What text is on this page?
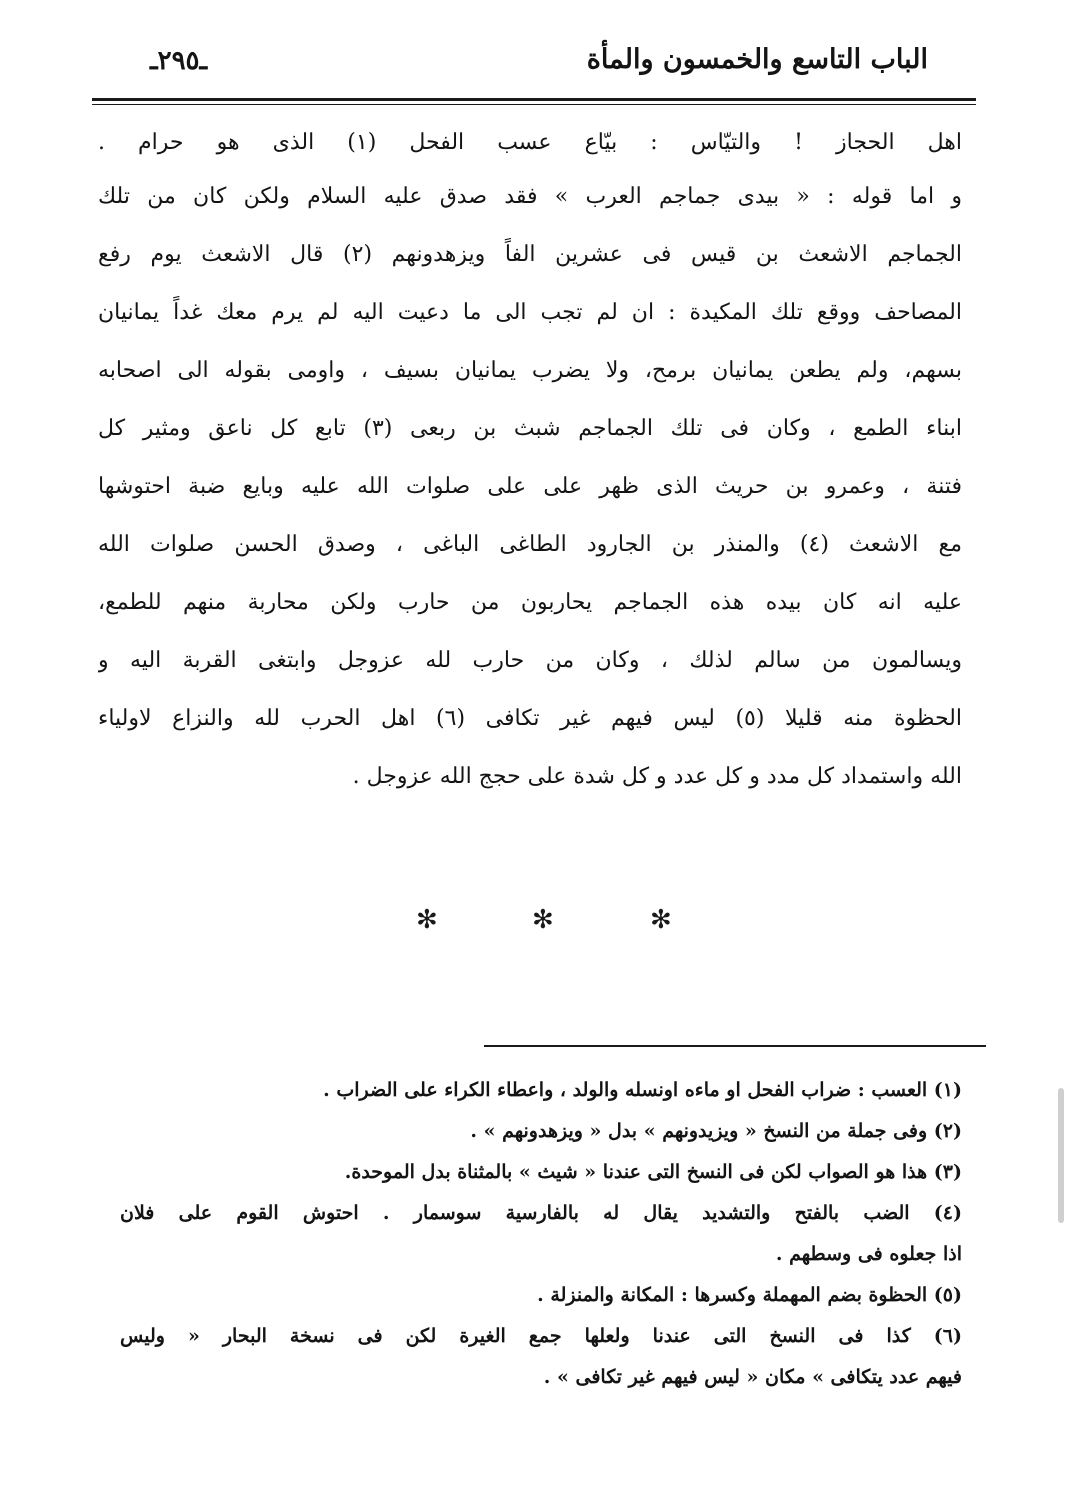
الباب التاسع والخمسون والمأة
ـ٢٩٥ـ
اهل الحجاز ! والتيّاس : بيّاع عسب الفحل (١) الذى هو حرام .
و اما قوله : « بيدى جماجم العرب » فقد صدق عليه السلام ولكن كان من تلك
الجماجم الاشعث بن قيس فى عشرين الفاً ويزهدونهم (٢) قال الاشعث يوم رفع
المصاحف ووقع تلك المكيدة : ان لم تجب الى ما دعيت اليه لم يرم معك غداً يمانيان
بسهم، ولم يطعن يمانيان برمح، ولا يضرب يمانيان بسيف ، واومى بقوله الى اصحابه
ابناء الطمع ، وكان فى تلك الجماجم شبث بن ربعى (٣) تابع كل ناعق ومثير كل
فتنة ، وعمرو بن حريث الذى ظهر على على صلوات الله عليه وبايع ضبة احتوشها
مع الاشعث (٤) والمنذر بن الجارود الطاغى الباغى ، وصدق الحسن صلوات الله
عليه انه كان بيده هذه الجماجم يحاربون من حارب ولكن محاربة منهم للطمع،
ويسالمون من سالم لذلك ، وكان من حارب لله عزوجل وابتغى القربة اليه و
الحظوة منه قليلا (٥) ليس فيهم غير تكافى (٦) اهل الحرب لله والنزاع لاولياء
الله واستمداد كل مدد و كل عدد و كل شدة على حجج الله عزوجل .
✻	✻	✻
(١) العسب : ضراب الفحل او ماءه اونسله والولد ، واعطاء الكراء على الضراب .
(٢) وفى جملة من النسخ « ويزيدونهم » بدل « ويزهدونهم » .
(٣) هذا هو الصواب لكن فى النسخ التى عندنا « شيث » بالمثناة بدل الموحدة.
(٤) الضب بالفتح والتشديد يقال له بالفارسية سوسمار . احتوش القوم على فلان
اذا جعلوه فى وسطهم .
(٥) الحظوة بضم المهملة وكسرها : المكانة والمنزلة .
(٦) كذا فى النسخ التى عندنا ولعلها جمع الغيرة لكن فى نسخة البحار « وليس
فيهم عدد يتكافى » مكان « ليس فيهم غير تكافى » .
